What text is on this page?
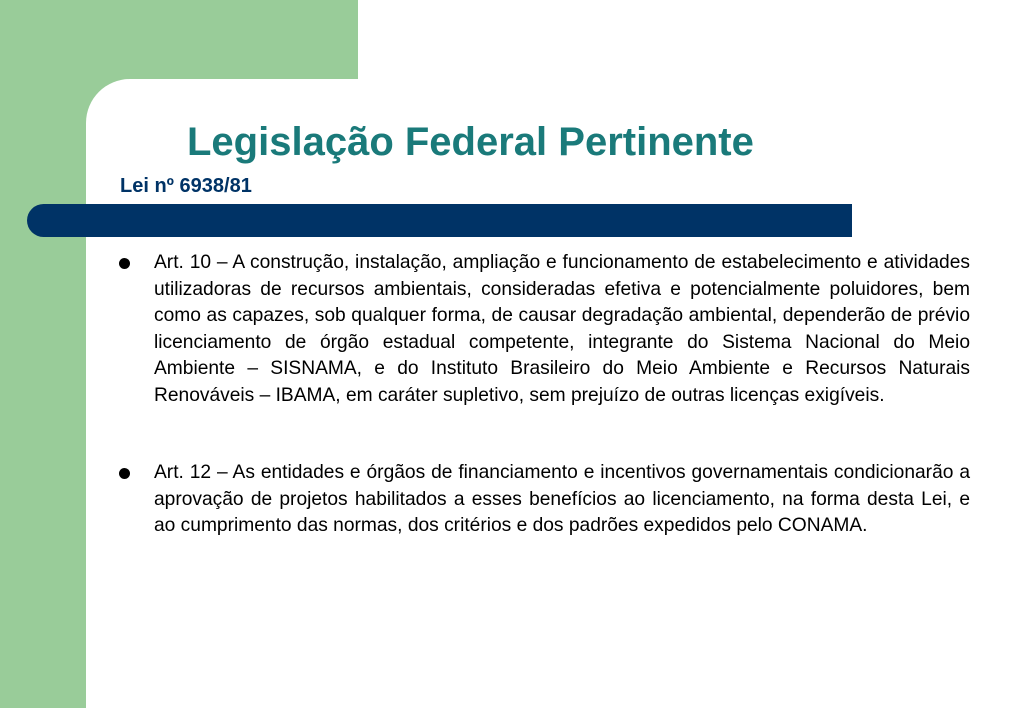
Legislação Federal Pertinente
Lei nº 6938/81
Art. 10 – A construção, instalação, ampliação e funcionamento de estabelecimento e atividades utilizadoras de recursos ambientais, consideradas efetiva e potencialmente poluidores, bem como as capazes, sob qualquer forma, de causar degradação ambiental, dependerão de prévio licenciamento de órgão estadual competente, integrante do Sistema Nacional do Meio Ambiente – SISNAMA, e do Instituto Brasileiro do Meio Ambiente e Recursos Naturais Renováveis – IBAMA, em caráter supletivo, sem prejuízo de outras licenças exigíveis.
Art. 12 – As entidades e órgãos de financiamento e incentivos governamentais condicionarão a aprovação de projetos habilitados a esses benefícios ao licenciamento, na forma desta Lei, e ao cumprimento das normas, dos critérios e dos padrões expedidos pelo CONAMA.
